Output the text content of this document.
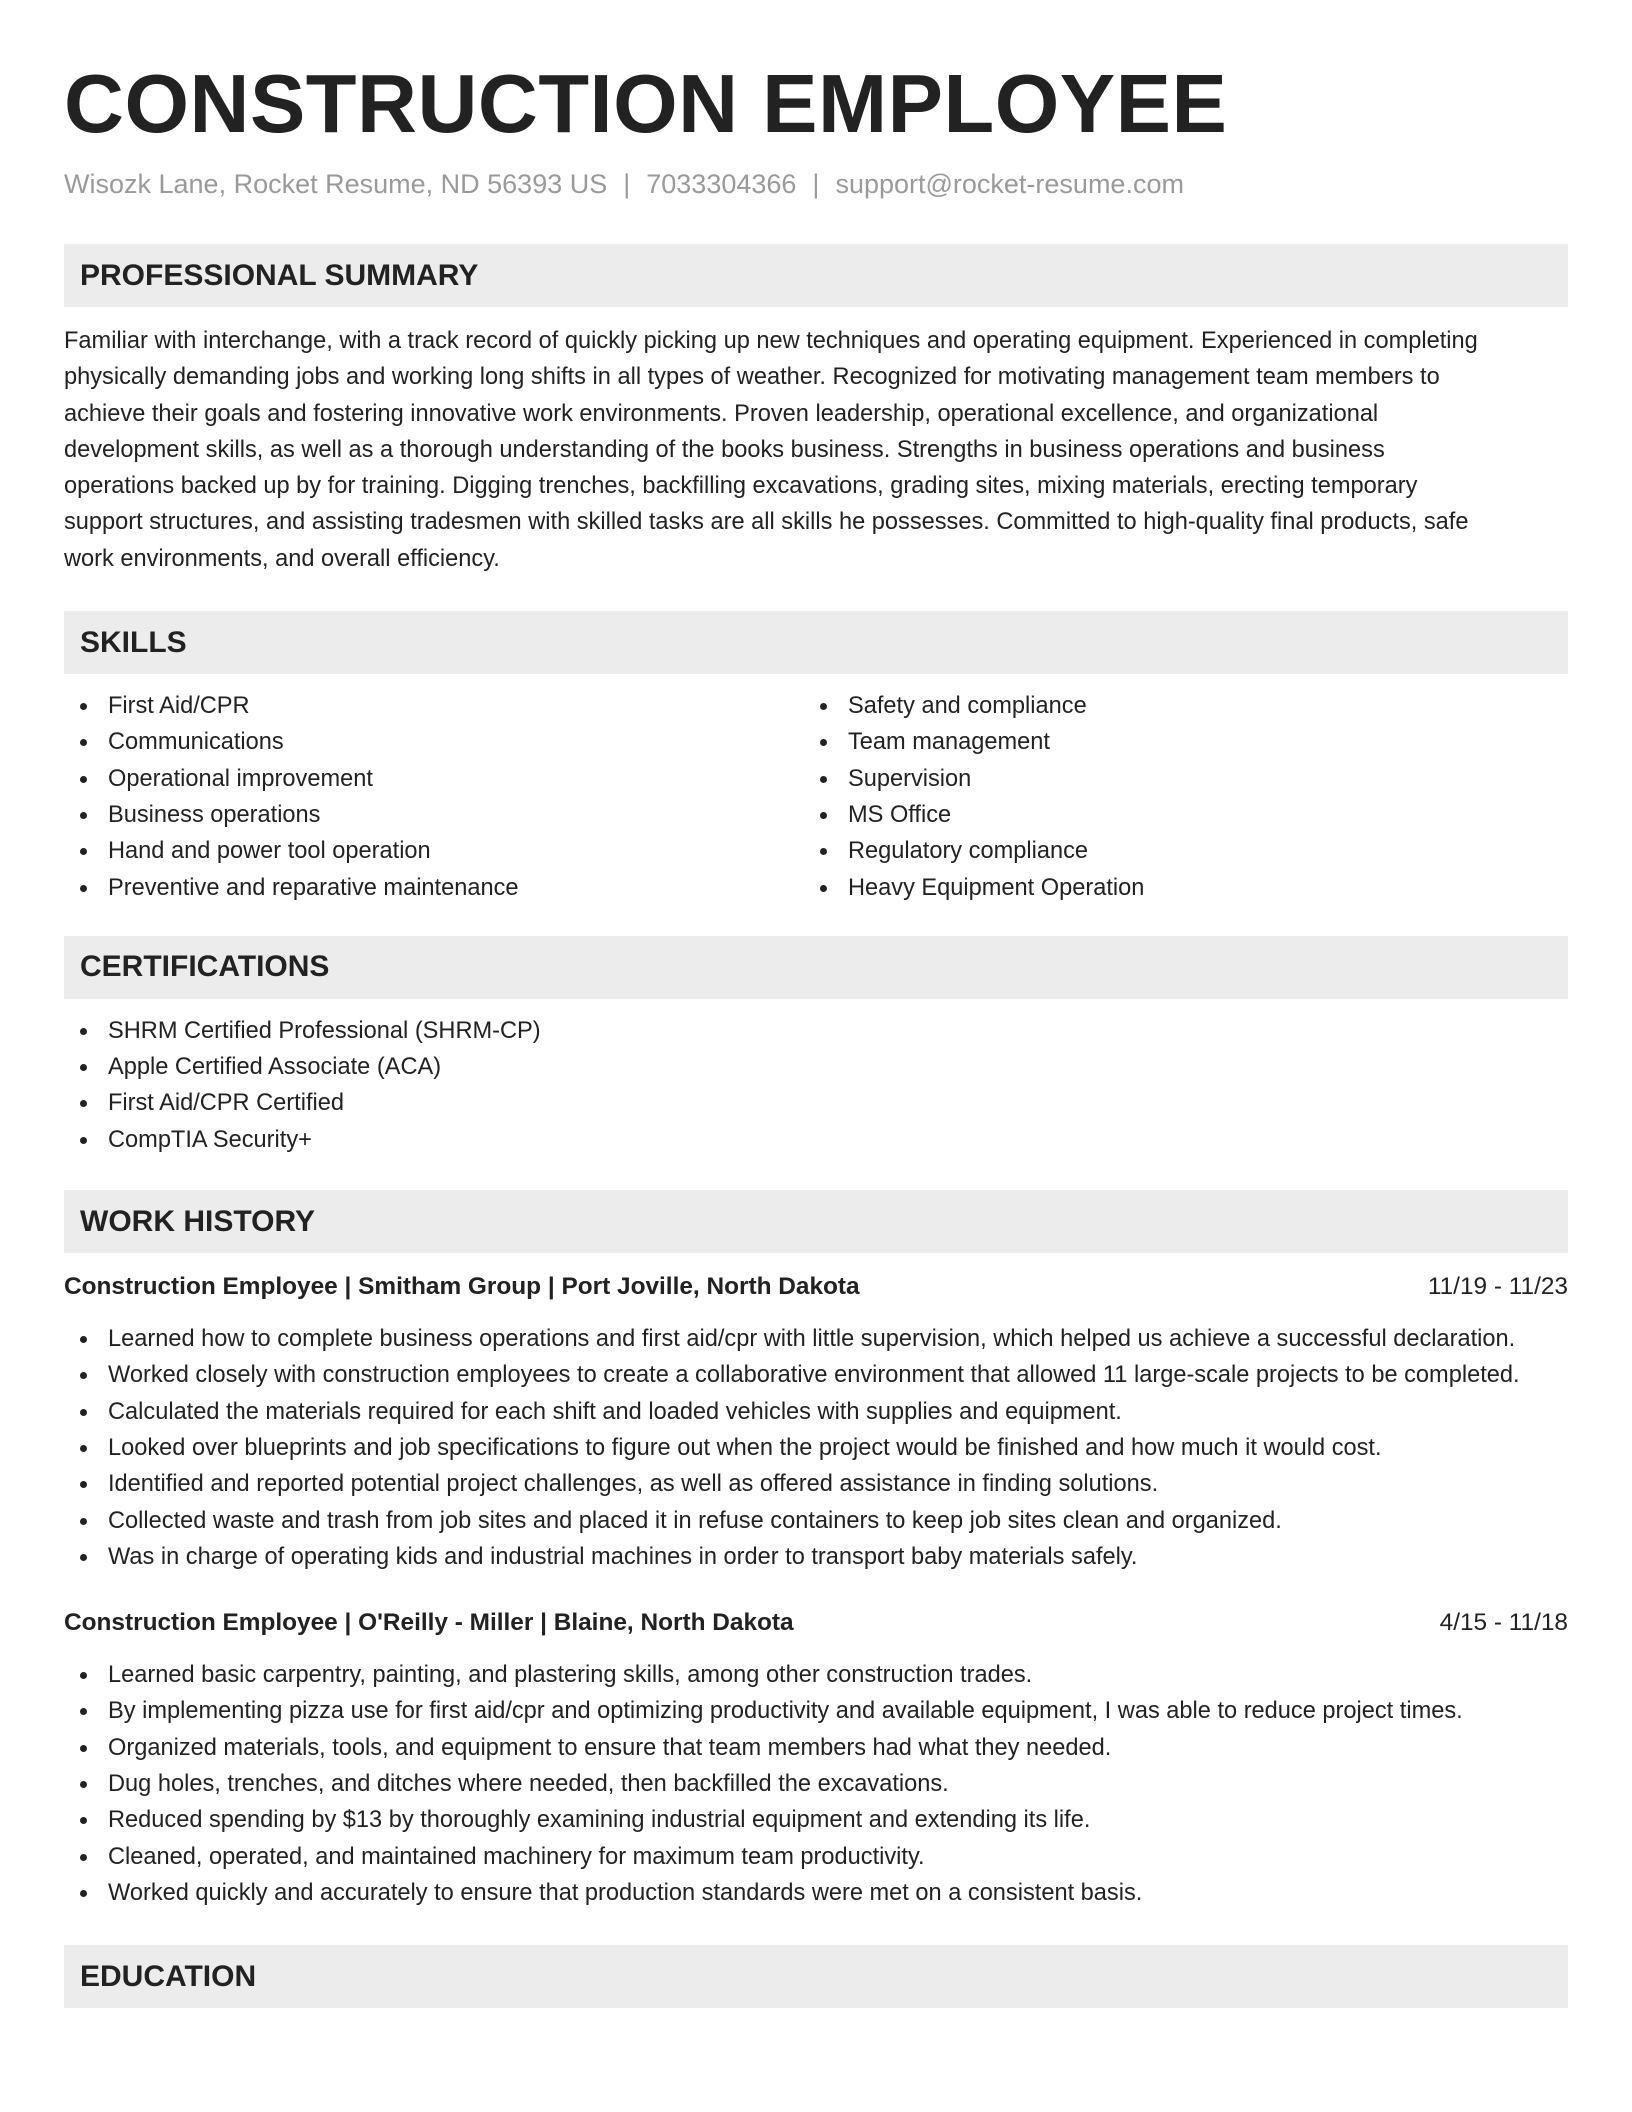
CONSTRUCTION EMPLOYEE
Wisozk Lane, Rocket Resume, ND 56393 US | 7033304366 | support@rocket-resume.com
PROFESSIONAL SUMMARY
Familiar with interchange, with a track record of quickly picking up new techniques and operating equipment. Experienced in completing
physically demanding jobs and working long shifts in all types of weather. Recognized for motivating management team members to
achieve their goals and fostering innovative work environments. Proven leadership, operational excellence, and organizational
development skills, as well as a thorough understanding of the books business. Strengths in business operations and business
operations backed up by for training. Digging trenches, backfilling excavations, grading sites, mixing materials, erecting temporary
support structures, and assisting tradesmen with skilled tasks are all skills he possesses. Committed to high-quality final products, safe
work environments, and overall efficiency.
SKILLS
First Aid/CPR
Communications
Operational improvement
Business operations
Hand and power tool operation
Preventive and reparative maintenance
Safety and compliance
Team management
Supervision
MS Office
Regulatory compliance
Heavy Equipment Operation
CERTIFICATIONS
SHRM Certified Professional (SHRM-CP)
Apple Certified Associate (ACA)
First Aid/CPR Certified
CompTIA Security+
WORK HISTORY
Construction Employee | Smitham Group | Port Joville, North Dakota	11/19 - 11/23
Learned how to complete business operations and first aid/cpr with little supervision, which helped us achieve a successful declaration.
Worked closely with construction employees to create a collaborative environment that allowed 11 large-scale projects to be completed.
Calculated the materials required for each shift and loaded vehicles with supplies and equipment.
Looked over blueprints and job specifications to figure out when the project would be finished and how much it would cost.
Identified and reported potential project challenges, as well as offered assistance in finding solutions.
Collected waste and trash from job sites and placed it in refuse containers to keep job sites clean and organized.
Was in charge of operating kids and industrial machines in order to transport baby materials safely.
Construction Employee | O'Reilly - Miller | Blaine, North Dakota	4/15 - 11/18
Learned basic carpentry, painting, and plastering skills, among other construction trades.
By implementing pizza use for first aid/cpr and optimizing productivity and available equipment, I was able to reduce project times.
Organized materials, tools, and equipment to ensure that team members had what they needed.
Dug holes, trenches, and ditches where needed, then backfilled the excavations.
Reduced spending by $13 by thoroughly examining industrial equipment and extending its life.
Cleaned, operated, and maintained machinery for maximum team productivity.
Worked quickly and accurately to ensure that production standards were met on a consistent basis.
EDUCATION
